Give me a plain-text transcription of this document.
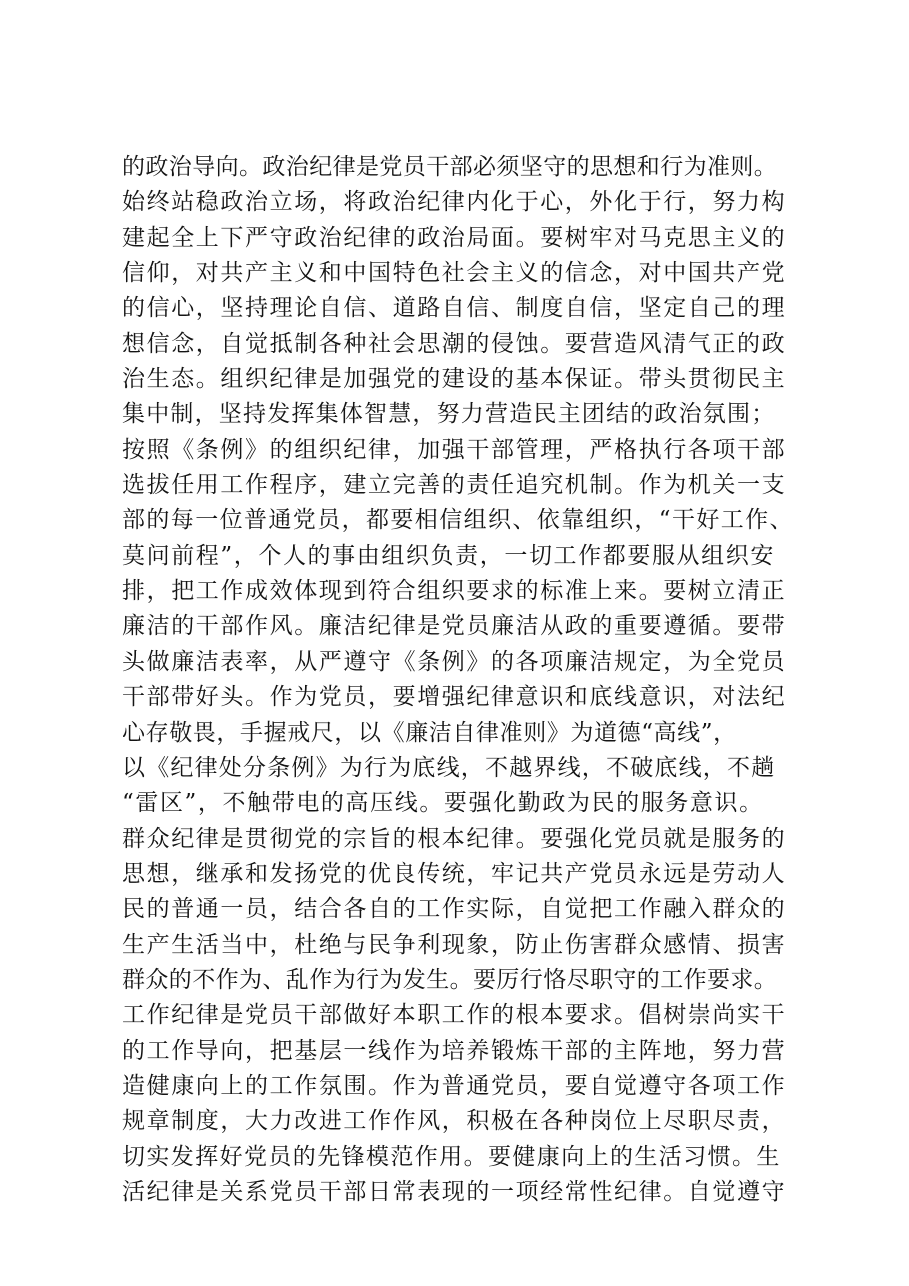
的政治导向。政治纪律是党员干部必须坚守的思想和行为准则。
始终站稳政治立场，将政治纪律内化于心，外化于行，努力构
建起全上下严守政治纪律的政治局面。要树牢对马克思主义的
信仰，对共产主义和中国特色社会主义的信念，对中国共产党
的信心，坚持理论自信、道路自信、制度自信，坚定自己的理
想信念，自觉抵制各种社会思潮的侵蚀。要营造风清气正的政
治生态。组织纪律是加强党的建设的基本保证。带头贯彻民主
集中制，坚持发挥集体智慧，努力营造民主团结的政治氛围；
按照《条例》的组织纪律，加强干部管理，严格执行各项干部
选拔任用工作程序，建立完善的责任追究机制。作为机关一支
部的每一位普通党员，都要相信组织、依靠组织，“干好工作、
莫问前程”，个人的事由组织负责，一切工作都要服从组织安
排，把工作成效体现到符合组织要求的标准上来。要树立清正
廉洁的干部作风。廉洁纪律是党员廉洁从政的重要遵循。要带
头做廉洁表率，从严遵守《条例》的各项廉洁规定，为全党员
干部带好头。作为党员，要增强纪律意识和底线意识，对法纪
心存敬畏，手握戒尺，以《廉洁自律准则》为道德“高线”，
以《纪律处分条例》为行为底线，不越界线，不破底线，不趟
“雷区”，不触带电的高压线。要强化勤政为民的服务意识。
群众纪律是贯彻党的宗旨的根本纪律。要强化党员就是服务的
思想，继承和发扬党的优良传统，牢记共产党员永远是劳动人
民的普通一员，结合各自的工作实际，自觉把工作融入群众的
生产生活当中，杜绝与民争利现象，防止伤害群众感情、损害
群众的不作为、乱作为行为发生。要厉行恪尽职守的工作要求。
工作纪律是党员干部做好本职工作的根本要求。倡树崇尚实干
的工作导向，把基层一线作为培养锻炼干部的主阵地，努力营
造健康向上的工作氛围。作为普通党员，要自觉遵守各项工作
规章制度，大力改进工作作风，积极在各种岗位上尽职尽责，
切实发挥好党员的先锋模范作用。要健康向上的生活习惯。生
活纪律是关系党员干部日常表现的一项经常性纪律。自觉遵守
